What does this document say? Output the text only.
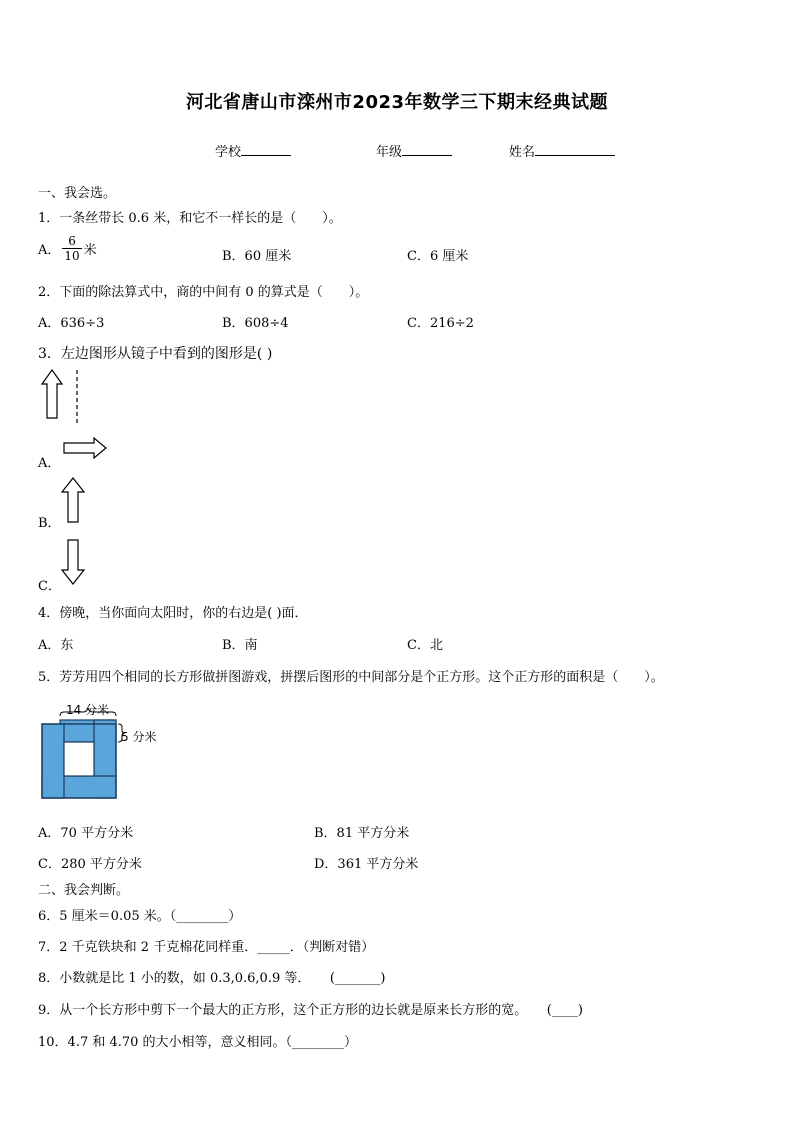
河北省唐山市滦州市2023年数学三下期末经典试题
学校	年级	姓名
一、我会选。
1．一条丝带长 0.6 米，和它不一样长的是（　　）。
A． $\frac{6}{10}$ 米	B．60 厘米	C．6 厘米
2．下面的除法算式中，商的中间有 0 的算式是（　　）。
A．636÷3	B．608÷4	C．216÷2
3．左边图形从镜子中看到的图形是( )
A．
B．
C．
4．傍晚，当你面向太阳时，你的右边是( )面．
A．东	B．南	C．北
5．芳芳用四个相同的长方形做拼图游戏，拼摆后图形的中间部分是个正方形。这个正方形的面积是（　　）。
14 分米
5 分米
A．70 平方分米	B．81 平方分米
C．280 平方分米	D．361 平方分米
二、我会判断。
6．5 厘米＝0.05 米。（________）
7．2 千克铁块和 2 千克棉花同样重．_____．（判断对错）
8．小数就是比 1 小的数，如 0.3,0.6,0.9 等．　　(_______)
9．从一个长方形中剪下一个最大的正方形，这个正方形的边长就是原来长方形的宽。　　(____)
10．4.7 和 4.70 的大小相等，意义相同。（________）
